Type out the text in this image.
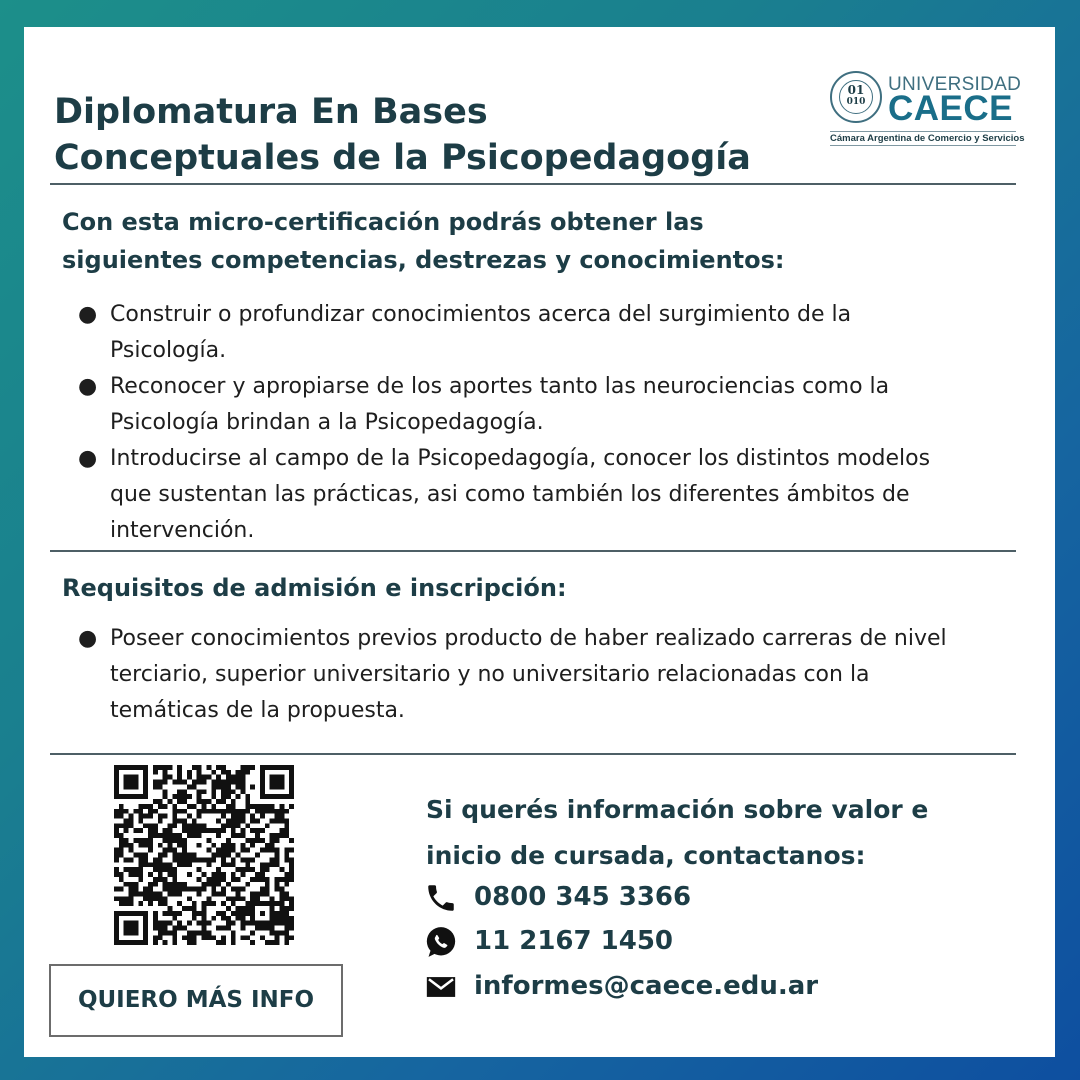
Diplomatura En Bases
Conceptuales de la Psicopedagogía
01
010
UNIVERSIDAD
CAECE
Cámara Argentina de Comercio y Servicios
Con esta micro-certificación podrás obtener las
siguientes competencias, destrezas y conocimientos:
● Construir o profundizar conocimientos acerca del surgimiento de la Psicología.
● Reconocer y apropiarse de los aportes tanto las neurociencias como la Psicología brindan a la Psicopedagogía.
● Introducirse al campo de la Psicopedagogía, conocer los distintos modelos que sustentan las prácticas, asi como también los diferentes ámbitos de intervención.
Requisitos de admisión e inscripción:
● Poseer conocimientos previos producto de haber realizado carreras de nivel terciario, superior universitario y no universitario relacionadas con la temáticas de la propuesta.
QUIERO MÁS INFO

Si querés información sobre valor e
inicio de cursada, contactanos:

0800 345 3366
11 2167 1450
informes@caece.edu.ar
